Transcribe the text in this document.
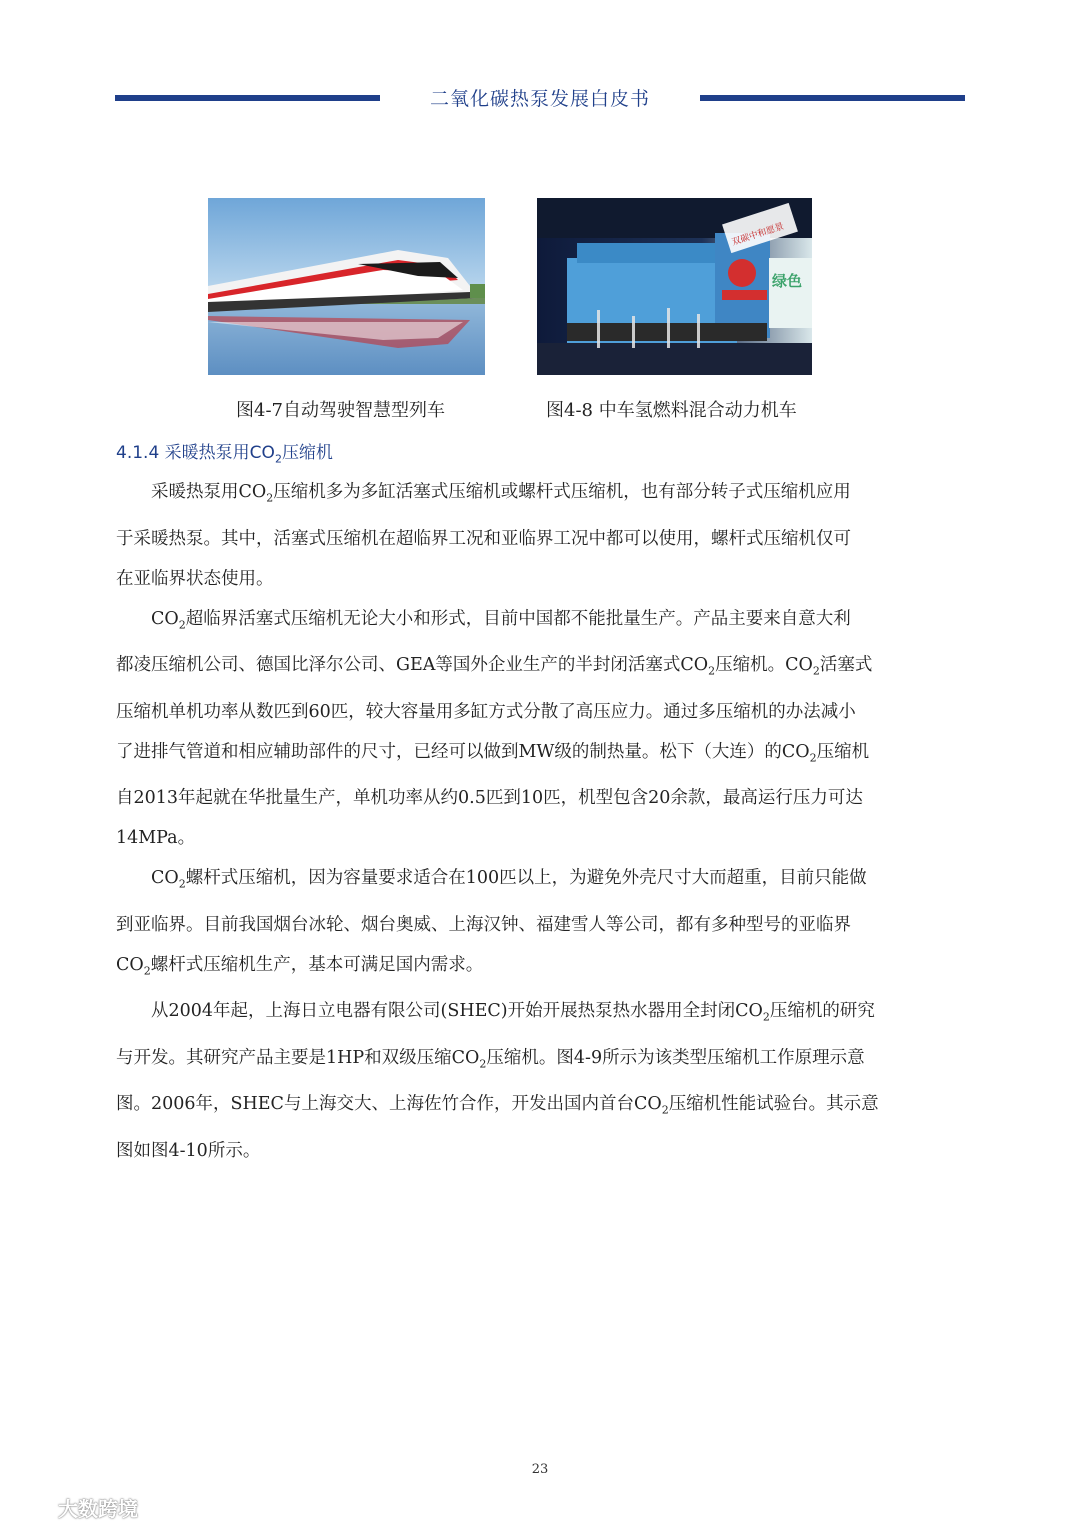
二氧化碳热泵发展白皮书
双碳中和愿景
绿色
图4-7自动驾驶智慧型列车	图4-8 中车氢燃料混合动力机车
4.1.4 采暖热泵用$CO_2$压缩机

采暖热泵用$CO_2$压缩机多为多缸活塞式压缩机或螺杆式压缩机，也有部分转子式压缩机应用
于采暖热泵。其中，活塞式压缩机在超临界工况和亚临界工况中都可以使用，螺杆式压缩机仅可
在亚临界状态使用。

$CO_2$超临界活塞式压缩机无论大小和形式，目前中国都不能批量生产。产品主要来自意大利
都凌压缩机公司、德国比泽尔公司、GEA等国外企业生产的半封闭活塞式$CO_2$压缩机。$CO_2$活塞式
压缩机单机功率从数匹到60匹，较大容量用多缸方式分散了高压应力。通过多压缩机的办法减小
了进排气管道和相应辅助部件的尺寸，已经可以做到MW级的制热量。松下（大连）的$CO_2$压缩机
自2013年起就在华批量生产，单机功率从约0.5匹到10匹，机型包含20余款，最高运行压力可达
14MPa。

$CO_2$螺杆式压缩机，因为容量要求适合在100匹以上，为避免外壳尺寸大而超重，目前只能做
到亚临界。目前我国烟台冰轮、烟台奥威、上海汉钟、福建雪人等公司，都有多种型号的亚临界
$CO_2$螺杆式压缩机生产，基本可满足国内需求。

从2004年起，上海日立电器有限公司(SHEC)开始开展热泵热水器用全封闭$CO_2$压缩机的研究
与开发。其研究产品主要是1HP和双级压缩$CO_2$压缩机。图4-9所示为该类型压缩机工作原理示意
图。2006年，SHEC与上海交大、上海佐竹合作，开发出国内首台$CO_2$压缩机性能试验台。其示意
图如图4-10所示。

23
大数跨境
